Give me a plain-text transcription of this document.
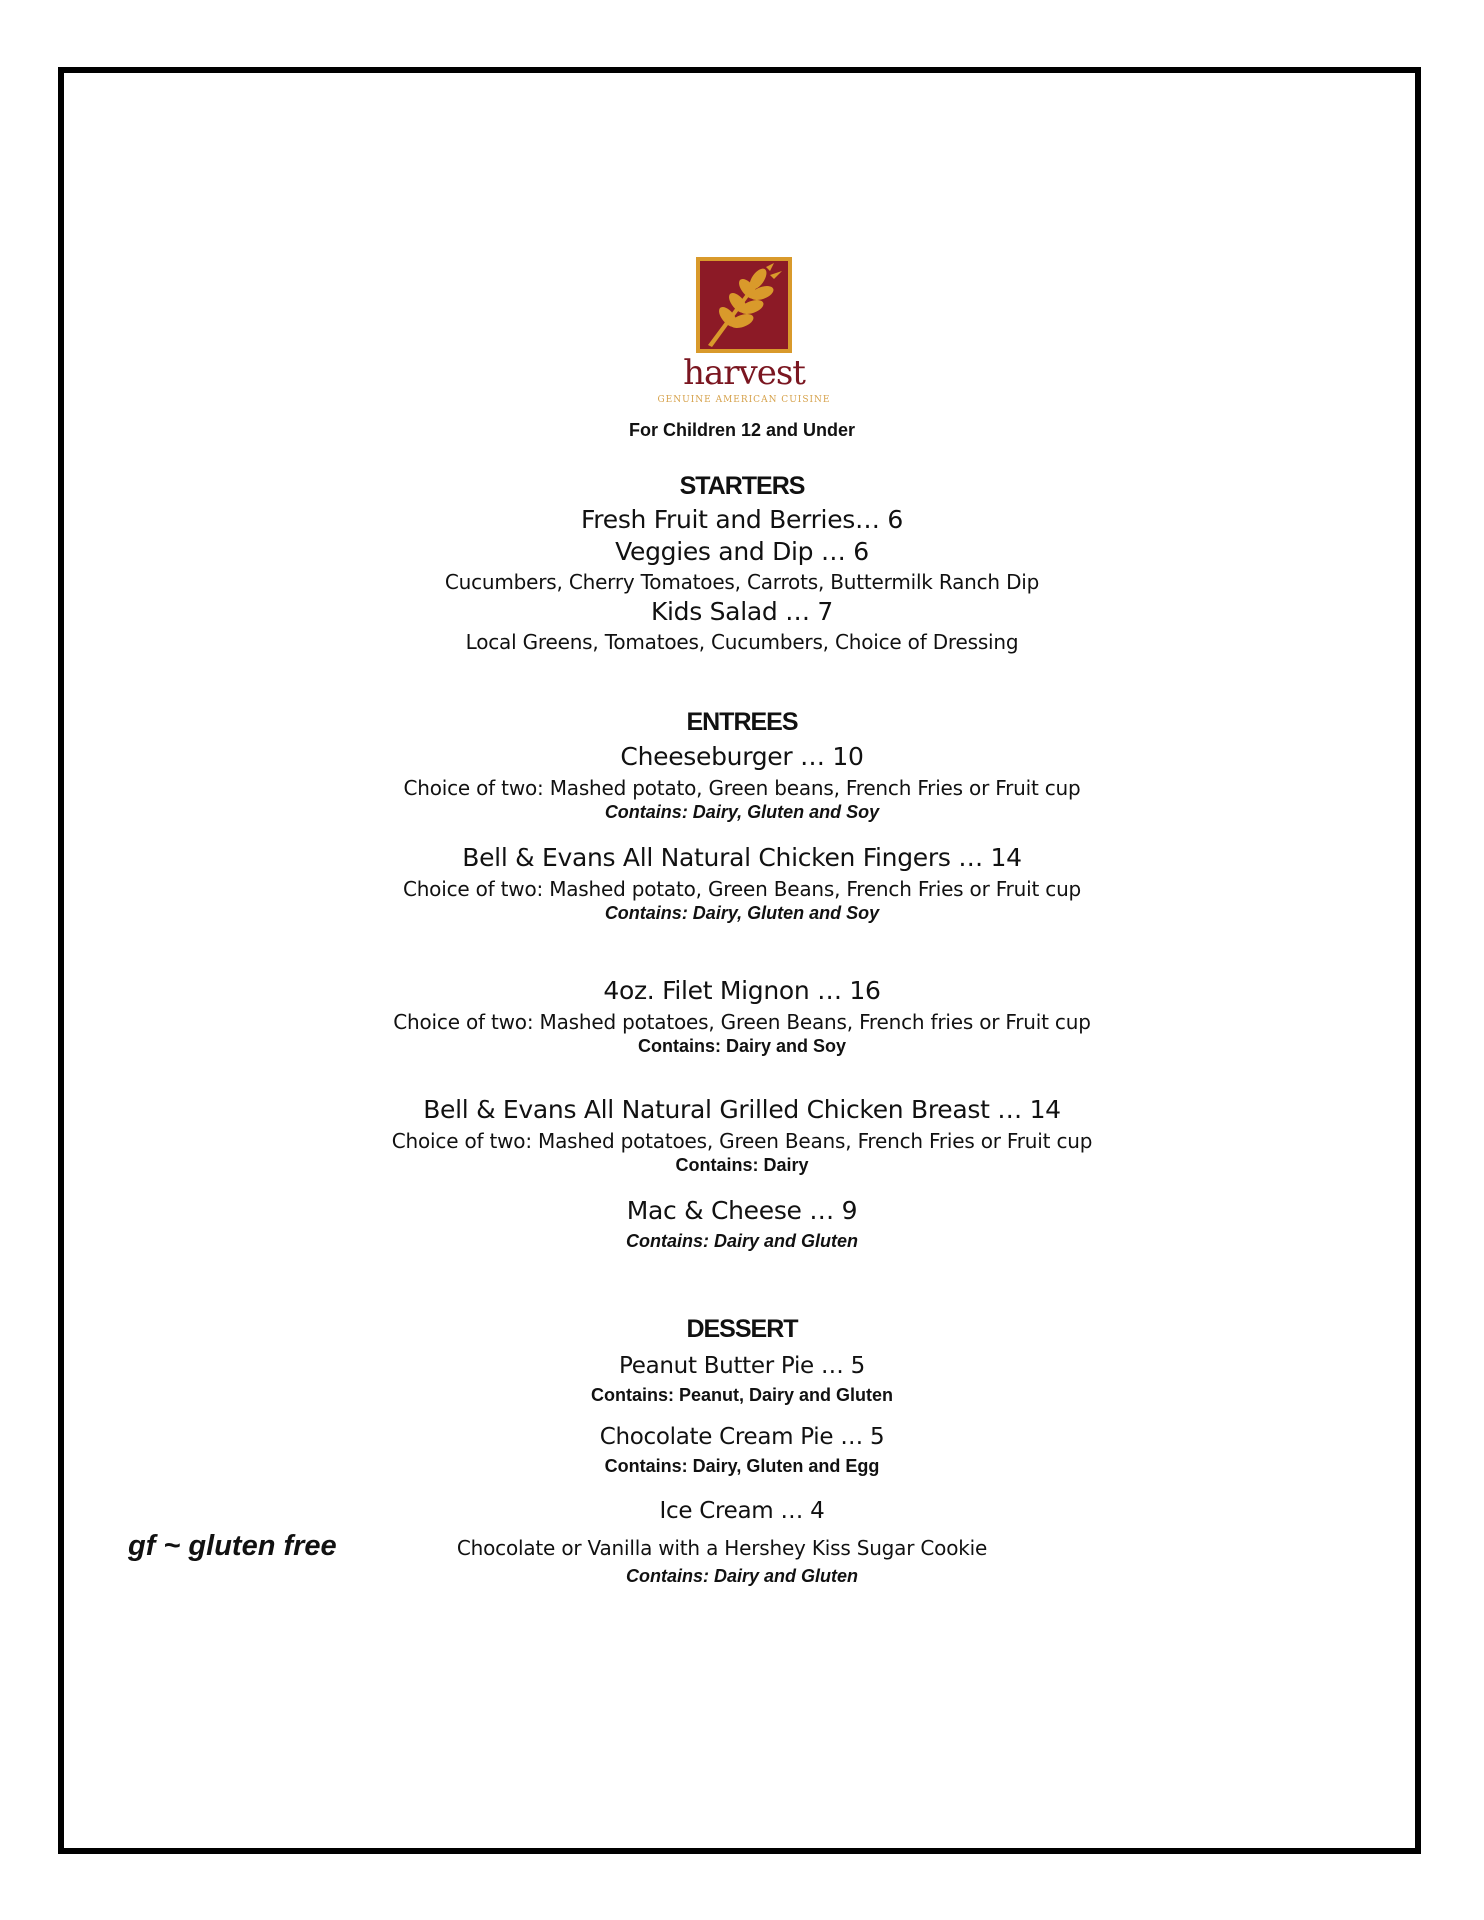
harvest
GENUINE AMERICAN CUISINE
For Children 12 and Under
STARTERS
Fresh Fruit and Berries… 6
Veggies and Dip … 6
Cucumbers, Cherry Tomatoes, Carrots, Buttermilk Ranch Dip
Kids Salad … 7
Local Greens, Tomatoes, Cucumbers, Choice of Dressing
ENTREES
Cheeseburger … 10
Choice of two: Mashed potato, Green beans, French Fries or Fruit cup
Contains: Dairy, Gluten and Soy
Bell & Evans All Natural Chicken Fingers … 14
Choice of two: Mashed potato, Green Beans, French Fries or Fruit cup
Contains: Dairy, Gluten and Soy
4oz. Filet Mignon … 16
Choice of two: Mashed potatoes, Green Beans, French fries or Fruit cup
Contains: Dairy and Soy
Bell & Evans All Natural Grilled Chicken Breast … 14
Choice of two: Mashed potatoes, Green Beans, French Fries or Fruit cup
Contains: Dairy
Mac & Cheese … 9
Contains: Dairy and Gluten
DESSERT
Peanut Butter Pie … 5
Contains: Peanut, Dairy and Gluten
Chocolate Cream Pie … 5
Contains: Dairy, Gluten and Egg
Ice Cream … 4
Chocolate or Vanilla with a Hershey Kiss Sugar Cookie
Contains: Dairy and Gluten
gf ~ gluten free
